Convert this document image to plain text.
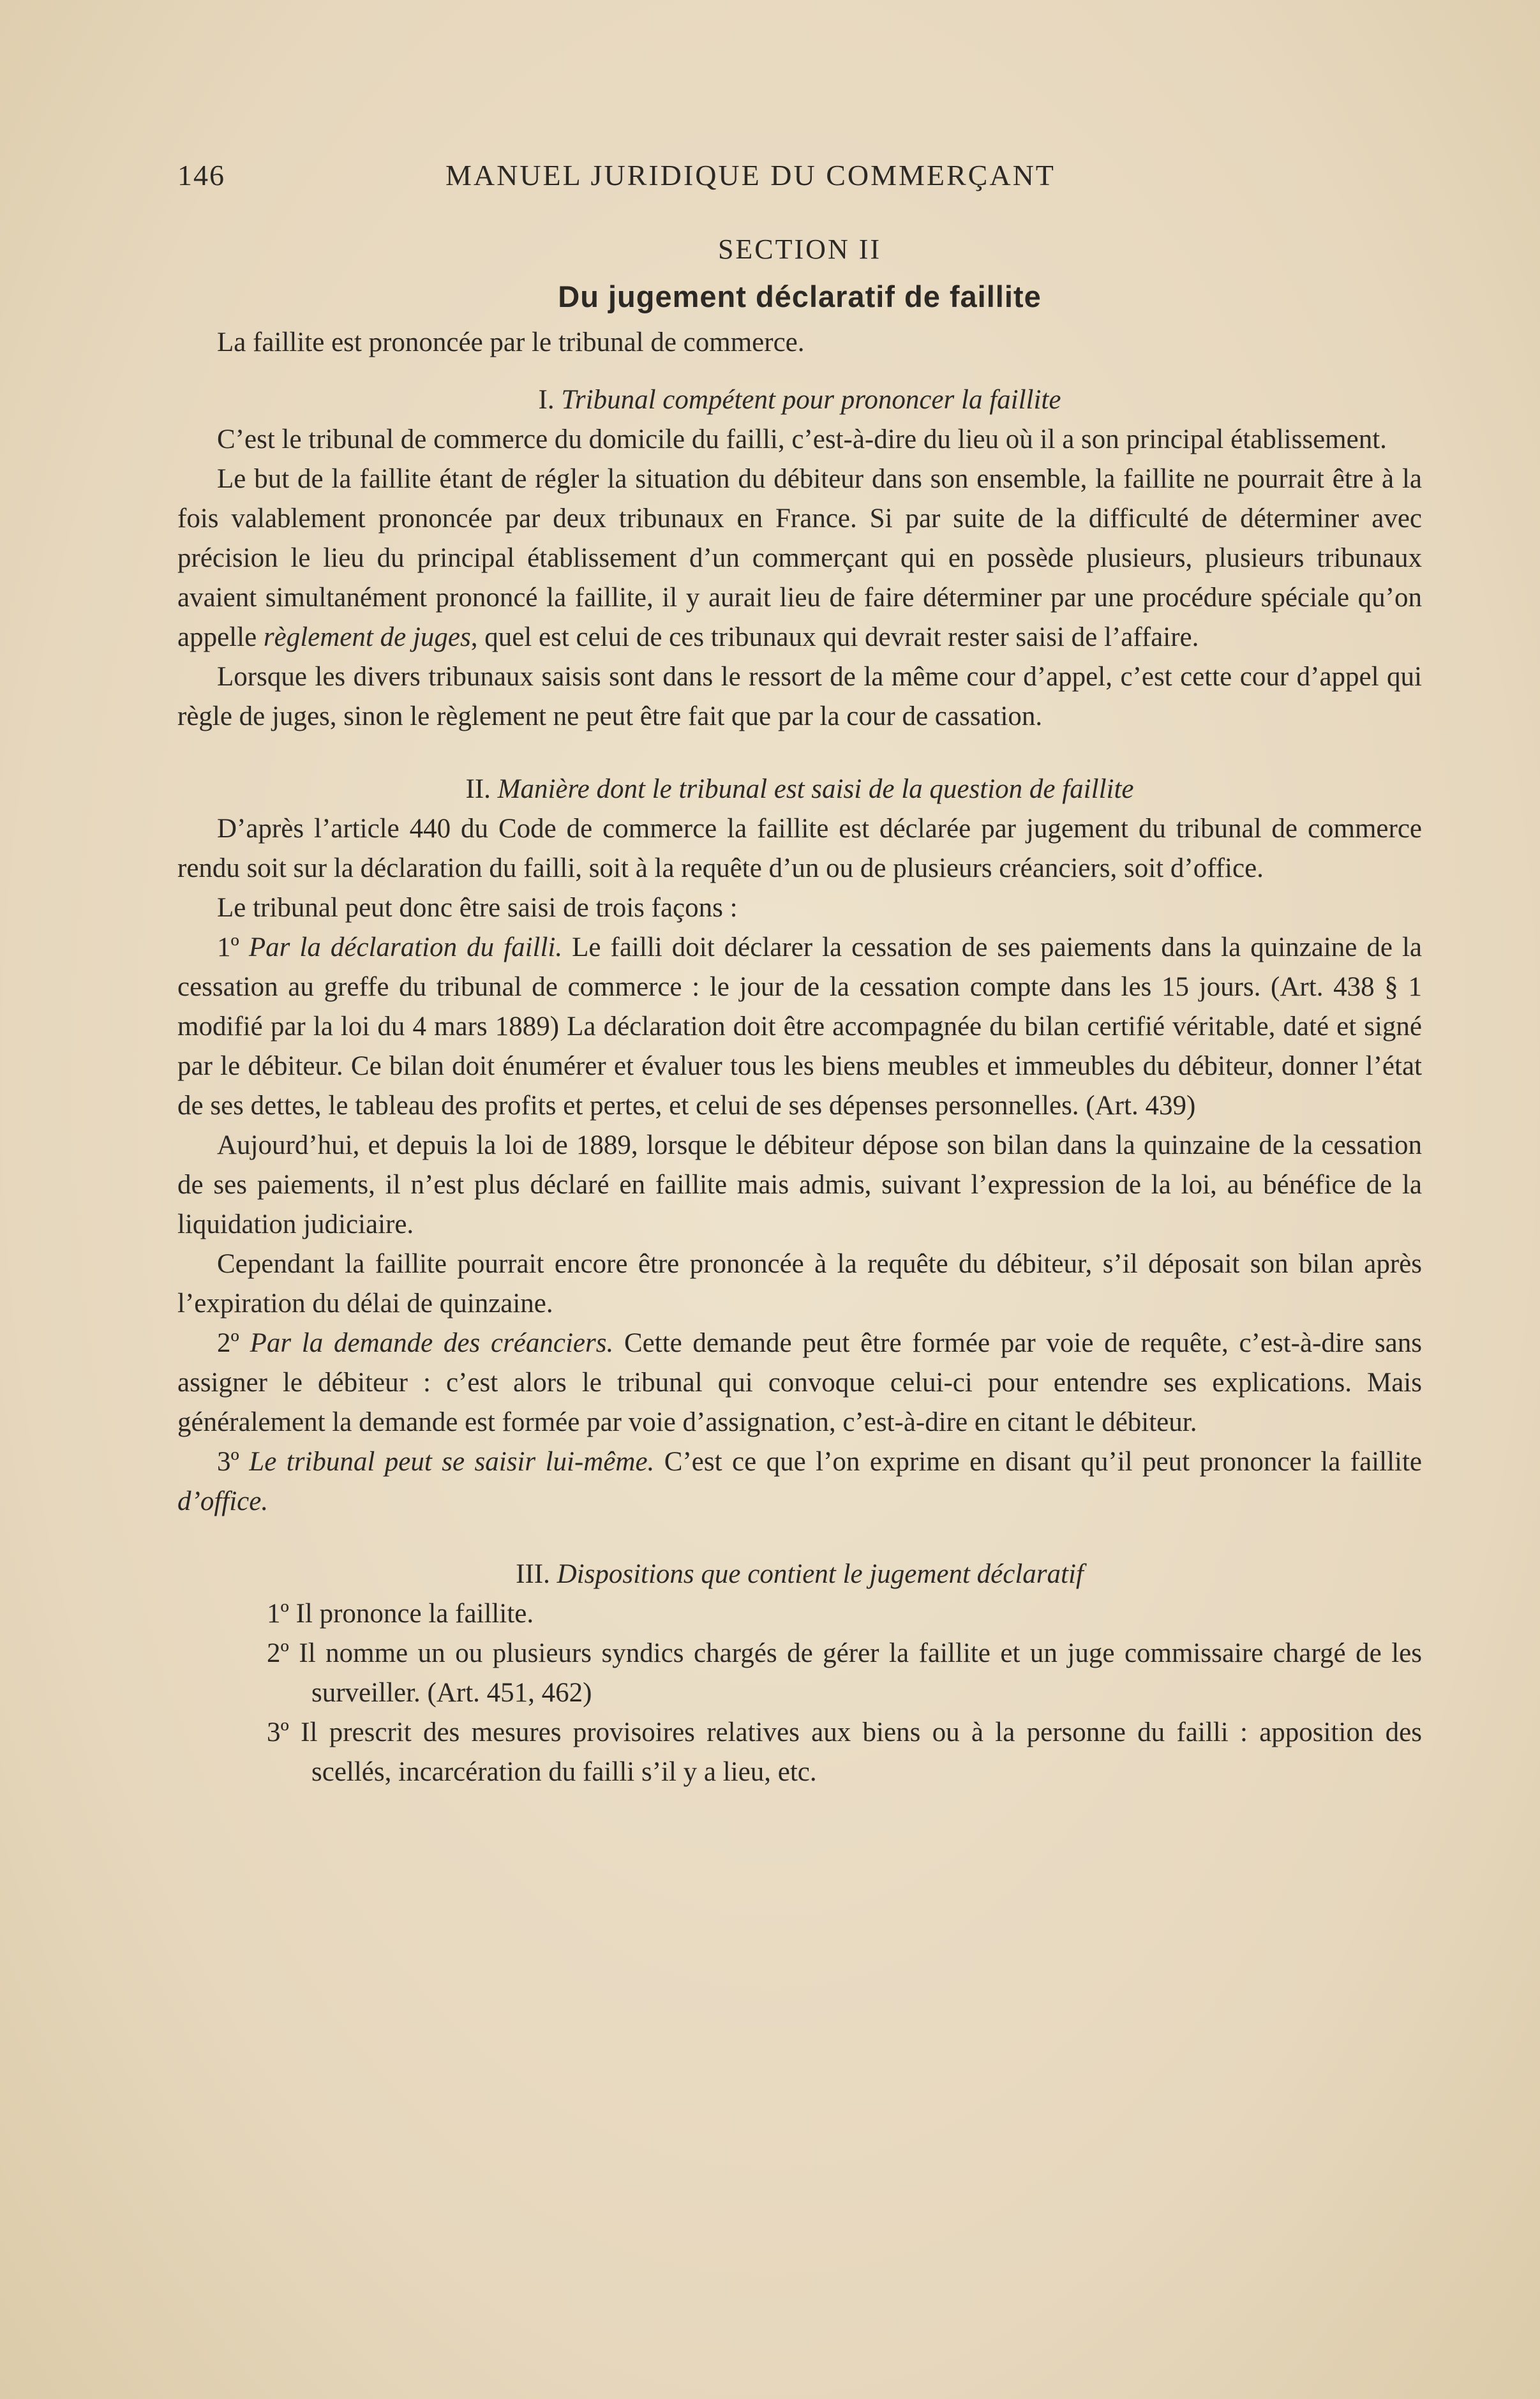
146	MANUEL JURIDIQUE DU COMMERÇANT
SECTION II
Du jugement déclaratif de faillite

La faillite est prononcée par le tribunal de commerce.

I. Tribunal compétent pour prononcer la faillite

C’est le tribunal de commerce du domicile du failli, c’est-à-dire du lieu où il a son principal établissement.

Le but de la faillite étant de régler la situation du débiteur dans son ensemble, la faillite ne pourrait être à la fois valablement prononcée par deux tribunaux en France. Si par suite de la difficulté de déterminer avec précision le lieu du principal établissement d’un commerçant qui en possède plusieurs, plusieurs tribunaux avaient simultanément prononcé la faillite, il y aurait lieu de faire déterminer par une procédure spéciale qu’on appelle règlement de juges, quel est celui de ces tribunaux qui devrait rester saisi de l’affaire.

Lorsque les divers tribunaux saisis sont dans le ressort de la même cour d’appel, c’est cette cour d’appel qui règle de juges, sinon le règlement ne peut être fait que par la cour de cassation.

II. Manière dont le tribunal est saisi de la question de faillite

D’après l’article 440 du Code de commerce la faillite est déclarée par jugement du tribunal de commerce rendu soit sur la déclaration du failli, soit à la requête d’un ou de plusieurs créanciers, soit d’office.

Le tribunal peut donc être saisi de trois façons :

1º Par la déclaration du failli. Le failli doit déclarer la cessation de ses paiements dans la quinzaine de la cessation au greffe du tribunal de commerce : le jour de la cessation compte dans les 15 jours. (Art. 438 § 1 modifié par la loi du 4 mars 1889) La déclaration doit être accompagnée du bilan certifié véritable, daté et signé par le débiteur. Ce bilan doit énumérer et évaluer tous les biens meubles et immeubles du débiteur, donner l’état de ses dettes, le tableau des profits et pertes, et celui de ses dépenses personnelles. (Art. 439)

Aujourd’hui, et depuis la loi de 1889, lorsque le débiteur dépose son bilan dans la quinzaine de la cessation de ses paiements, il n’est plus déclaré en faillite mais admis, suivant l’expression de la loi, au bénéfice de la liquidation judiciaire.

Cependant la faillite pourrait encore être prononcée à la requête du débiteur, s’il déposait son bilan après l’expiration du délai de quinzaine.

2º Par la demande des créanciers. Cette demande peut être formée par voie de requête, c’est-à-dire sans assigner le débiteur : c’est alors le tribunal qui convoque celui-ci pour entendre ses explications. Mais généralement la demande est formée par voie d’assignation, c’est-à-dire en citant le débiteur.

3º Le tribunal peut se saisir lui-même. C’est ce que l’on exprime en disant qu’il peut prononcer la faillite d’office.

III. Dispositions que contient le jugement déclaratif
1º Il prononce la faillite.
2º Il nomme un ou plusieurs syndics chargés de gérer la faillite et un juge commissaire chargé de les surveiller. (Art. 451, 462)
3º Il prescrit des mesures provisoires relatives aux biens ou à la personne du failli : apposition des scellés, incarcération du failli s’il y a lieu, etc.
